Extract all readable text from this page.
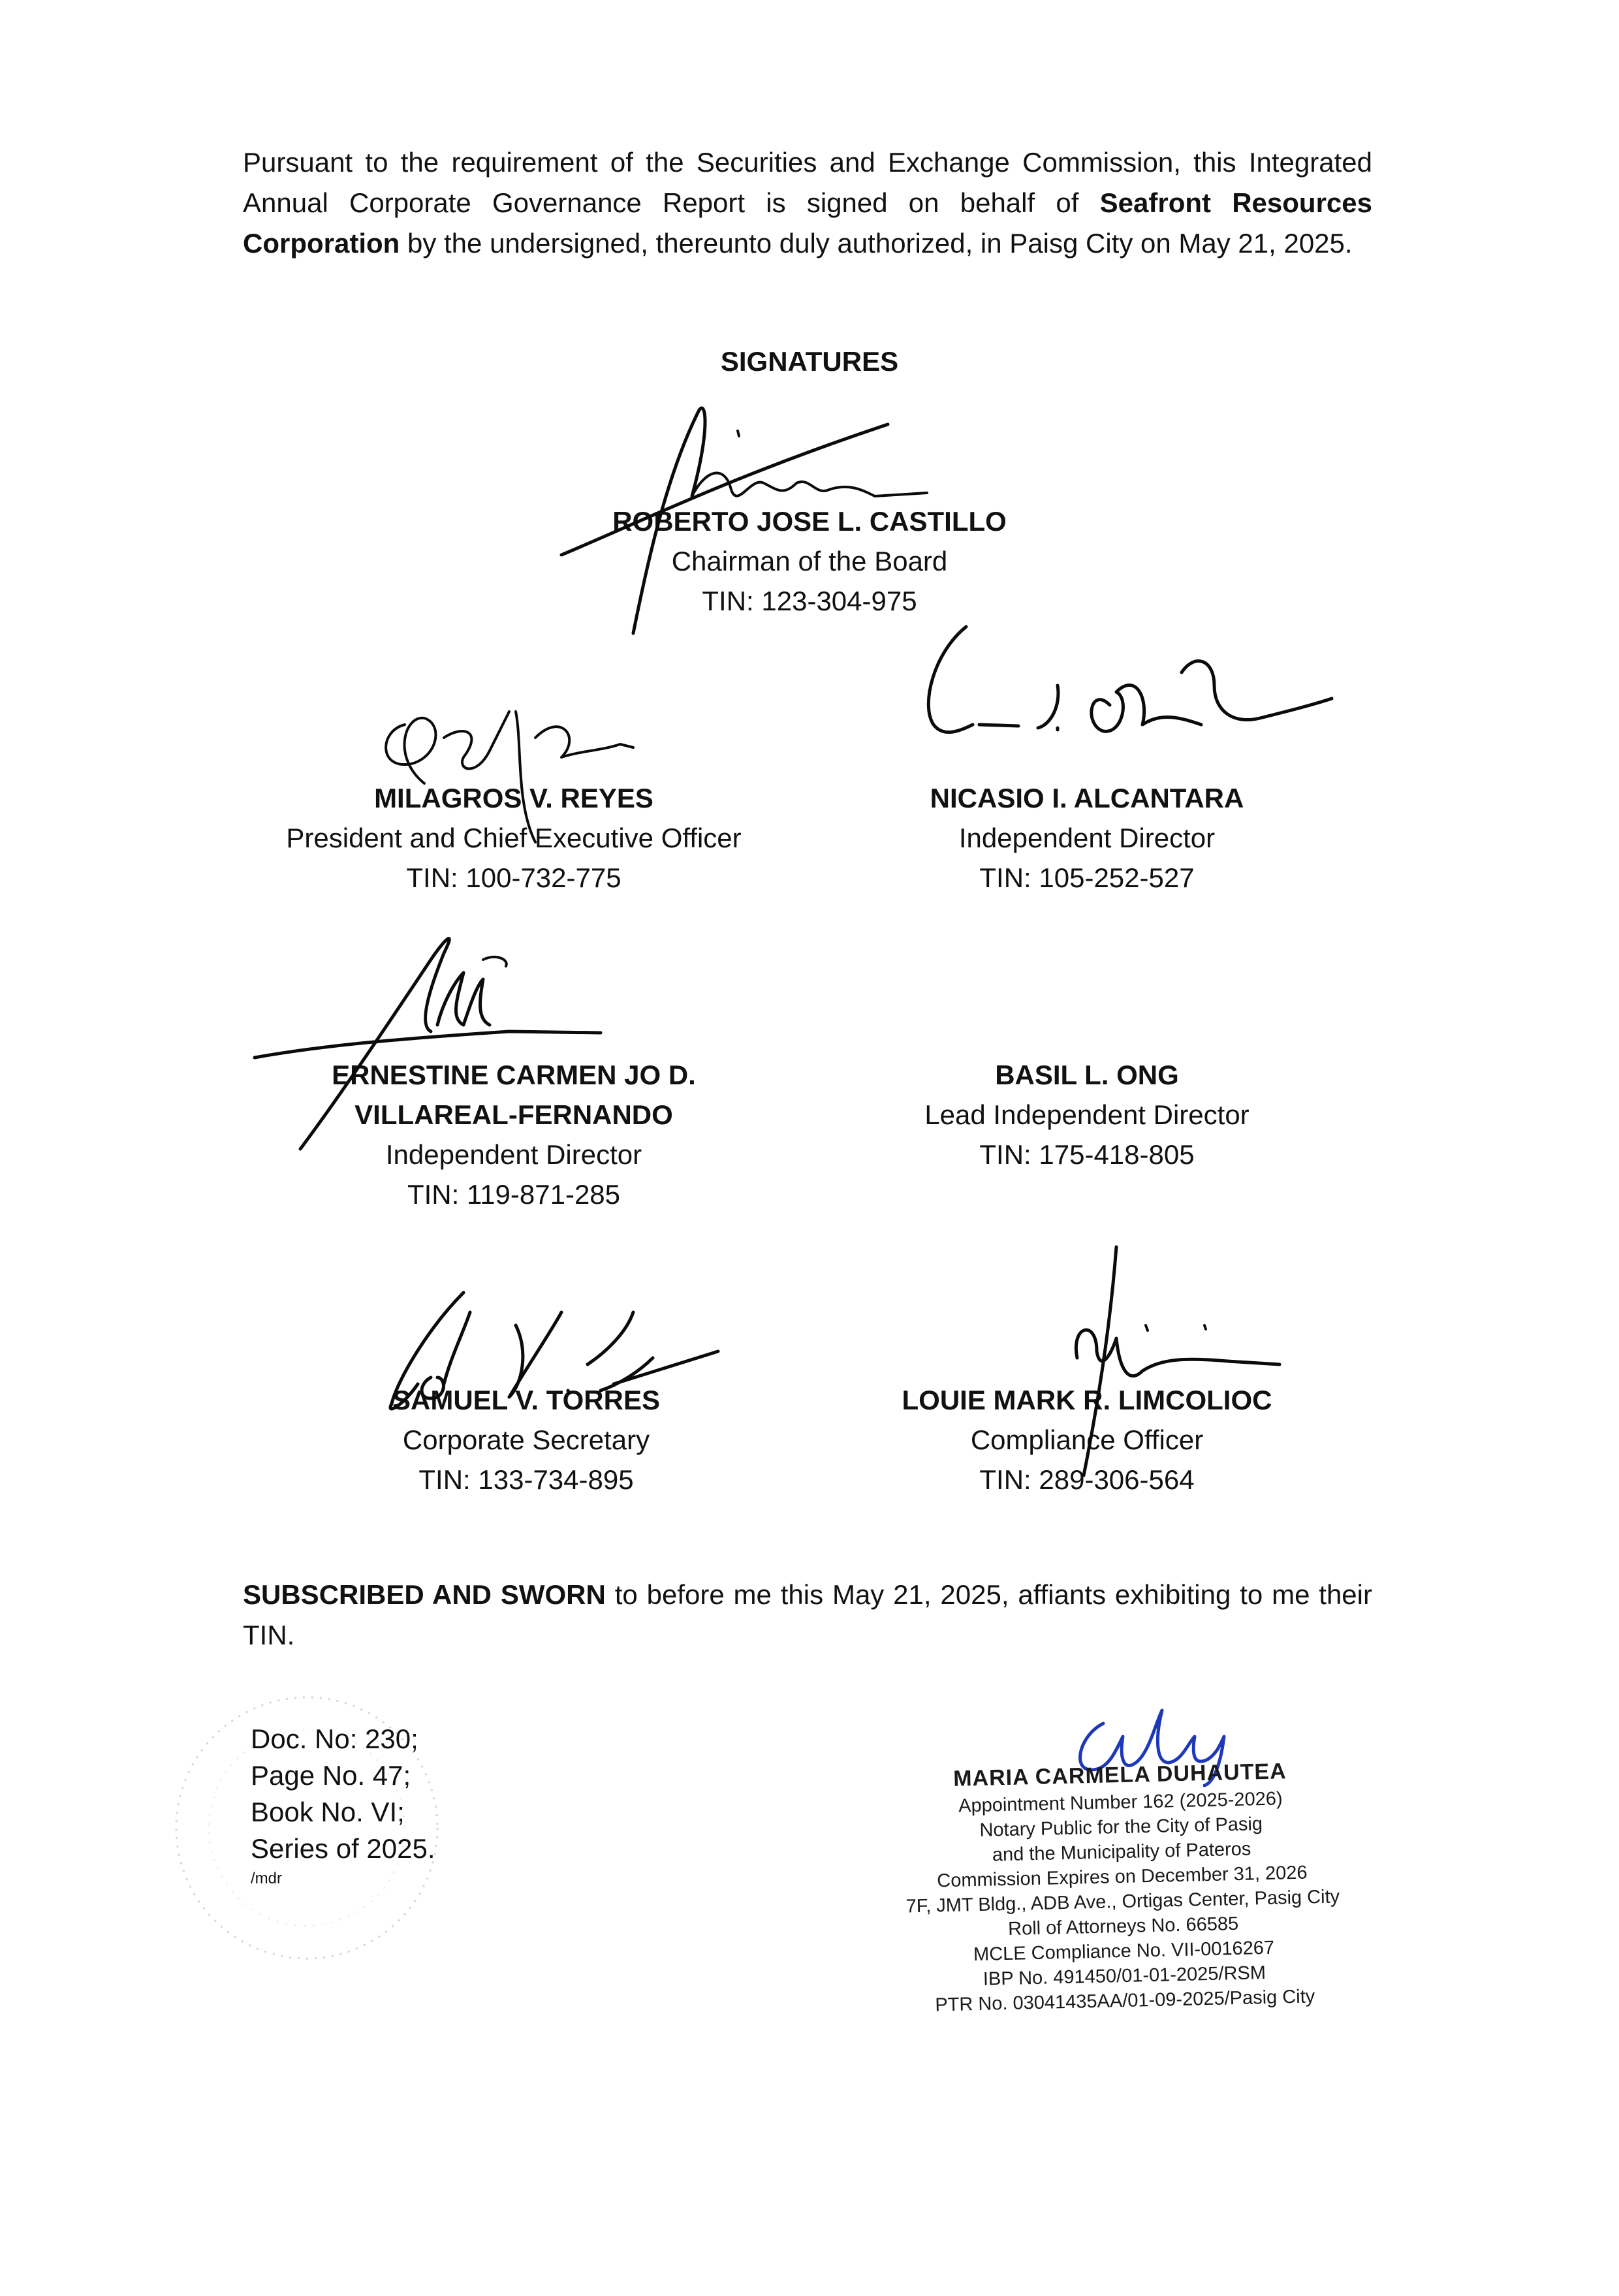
Pursuant to the requirement of the Securities and Exchange Commission, this Integrated Annual Corporate Governance Report is signed on behalf of Seafront Resources Corporation by the undersigned, thereunto duly authorized, in Paisg City on May 21, 2025.
SIGNATURES
ROBERTO JOSE L. CASTILLO
Chairman of the Board
TIN: 123-304-975
MILAGROS V. REYES
President and Chief Executive Officer
TIN: 100-732-775
NICASIO I. ALCANTARA
Independent Director
TIN: 105-252-527
ERNESTINE CARMEN JO D.
VILLAREAL-FERNANDO
Independent Director
TIN: 119-871-285
BASIL L. ONG
Lead Independent Director
TIN: 175-418-805
SAMUEL V. TORRES
Corporate Secretary
TIN: 133-734-895
LOUIE MARK R. LIMCOLIOC
Compliance Officer
TIN: 289-306-564
SUBSCRIBED AND SWORN to before me this May 21, 2025, affiants exhibiting to me their TIN.
Doc. No: 230;
Page No. 47;
Book No. VI;
Series of 2025.
/mdr
MARIA CARMELA DUHAUTEA
Appointment Number 162 (2025-2026)
Notary Public for the City of Pasig
and the Municipality of Pateros
Commission Expires on December 31, 2026
7F, JMT Bldg., ADB Ave., Ortigas Center, Pasig City
Roll of Attorneys No. 66585
MCLE Compliance No. VII-0016267
IBP No. 491450/01-01-2025/RSM
PTR No. 03041435AA/01-09-2025/Pasig City
